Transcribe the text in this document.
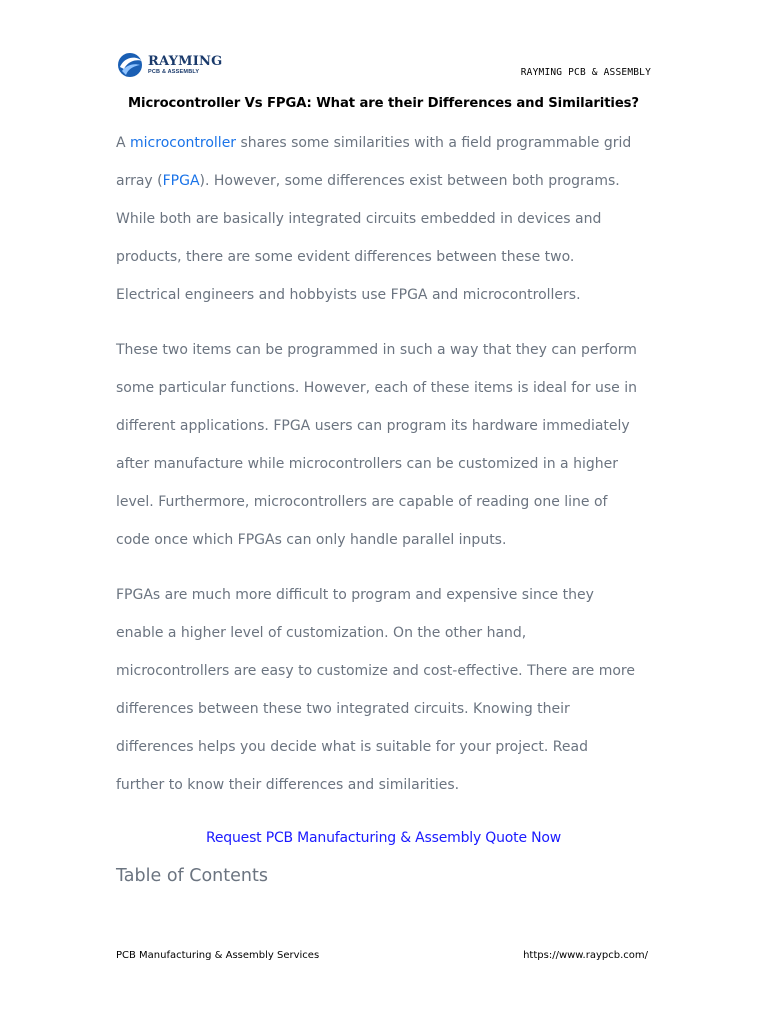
RAYMING
PCB & ASSEMBLY	RAYMING PCB & ASSEMBLY
Microcontroller Vs FPGA: What are their Differences and Similarities?
A microcontroller shares some similarities with a field programmable grid
array (FPGA). However, some differences exist between both programs.
While both are basically integrated circuits embedded in devices and
products, there are some evident differences between these two.
Electrical engineers and hobbyists use FPGA and microcontrollers.
These two items can be programmed in such a way that they can perform
some particular functions. However, each of these items is ideal for use in
different applications. FPGA users can program its hardware immediately
after manufacture while microcontrollers can be customized in a higher
level. Furthermore, microcontrollers are capable of reading one line of
code once which FPGAs can only handle parallel inputs.
FPGAs are much more difficult to program and expensive since they
enable a higher level of customization. On the other hand,
microcontrollers are easy to customize and cost-effective. There are more
differences between these two integrated circuits. Knowing their
differences helps you decide what is suitable for your project. Read
further to know their differences and similarities.
Request PCB Manufacturing & Assembly Quote Now
Table of Contents
PCB Manufacturing & Assembly Services	https://www.raypcb.com/
